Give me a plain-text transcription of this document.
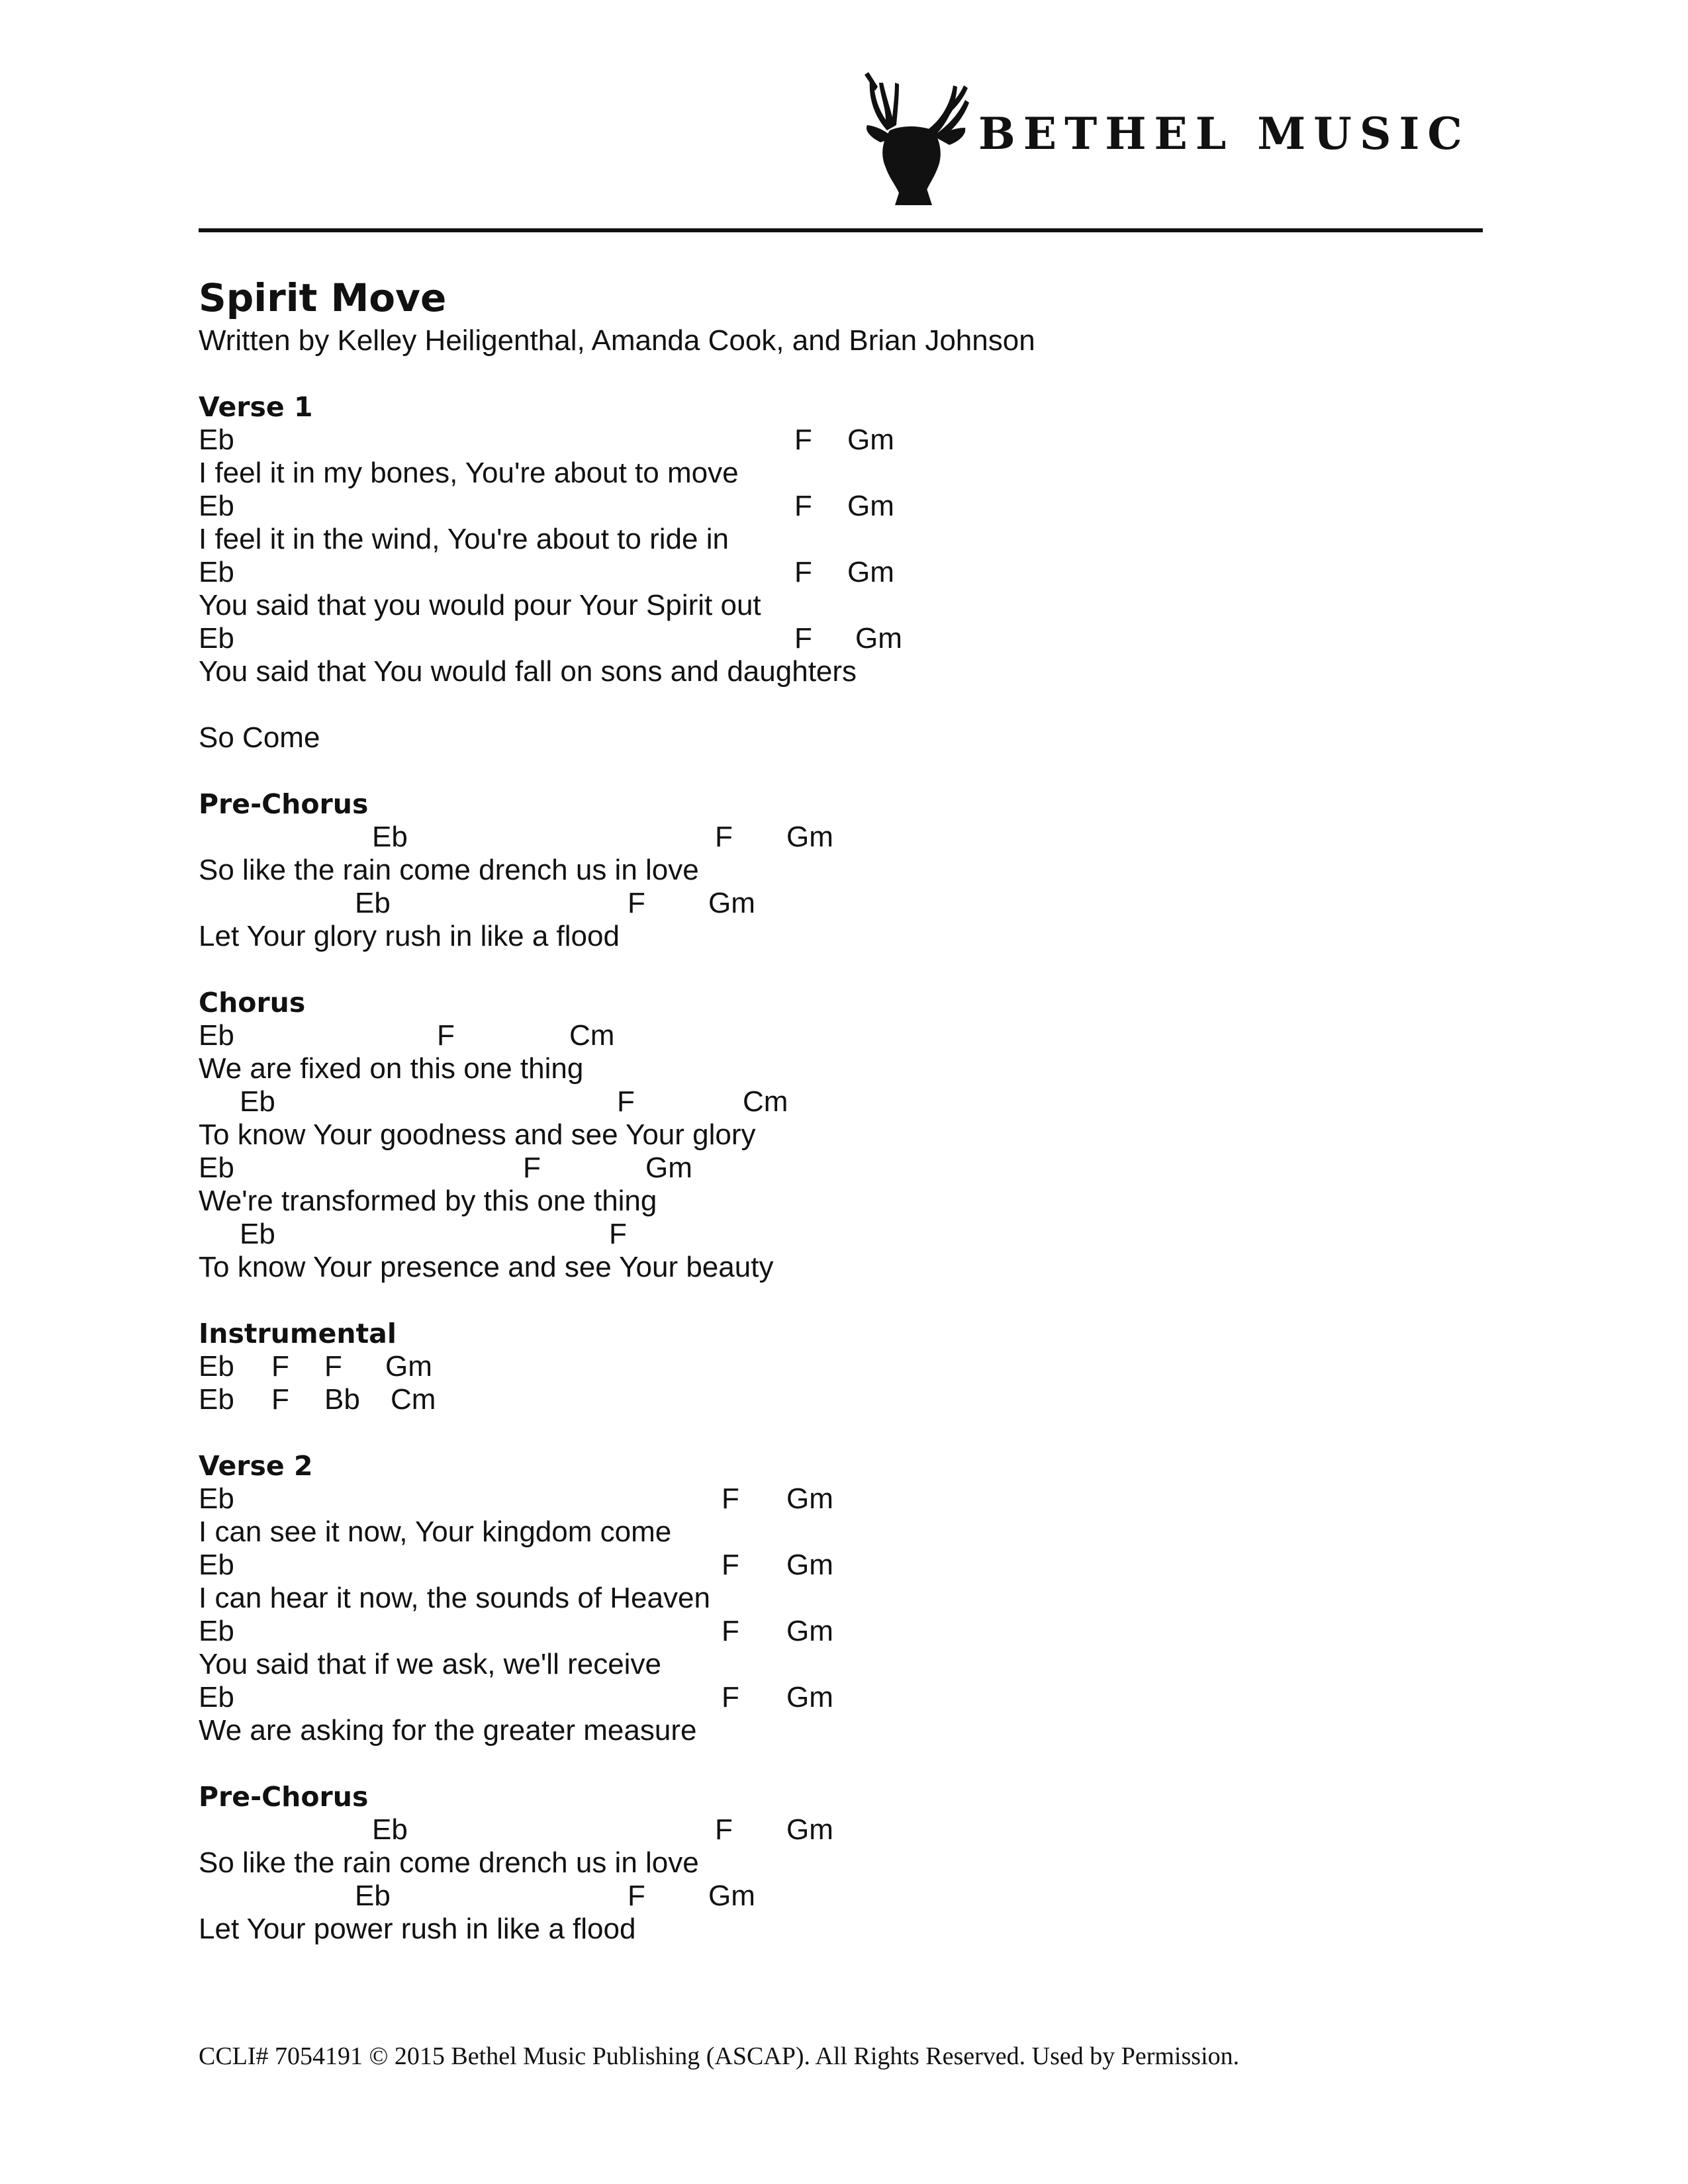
BETHEL MUSIC
Spirit Move
Written by Kelley Heiligenthal, Amanda Cook, and Brian Johnson
Verse 1
Eb	F Gm
I feel it in my bones, You're about to move
Eb	F Gm
I feel it in the wind, You're about to ride in
Eb	F Gm
You said that you would pour Your Spirit out
Eb	F Gm
You said that You would fall on sons and daughters
So Come
Pre-Chorus
Eb	F Gm
So like the rain come drench us in love
Eb	F Gm
Let Your glory rush in like a flood
Chorus
Eb	F	Cm
We are fixed on this one thing
Eb	F	Cm
To know Your goodness and see Your glory
Eb	F	Gm
We're transformed by this one thing
Eb	F
To know Your presence and see Your beauty
Instrumental
Eb F F Gm
Eb F Bb Cm
Verse 2
Eb	F Gm
I can see it now, Your kingdom come
Eb	F Gm
I can hear it now, the sounds of Heaven
Eb	F Gm
You said that if we ask, we'll receive
Eb	F Gm
We are asking for the greater measure
Pre-Chorus
Eb	F Gm
So like the rain come drench us in love
Eb	F Gm
Let Your power rush in like a flood
CCLI# 7054191 © 2015 Bethel Music Publishing (ASCAP). All Rights Reserved. Used by Permission.
